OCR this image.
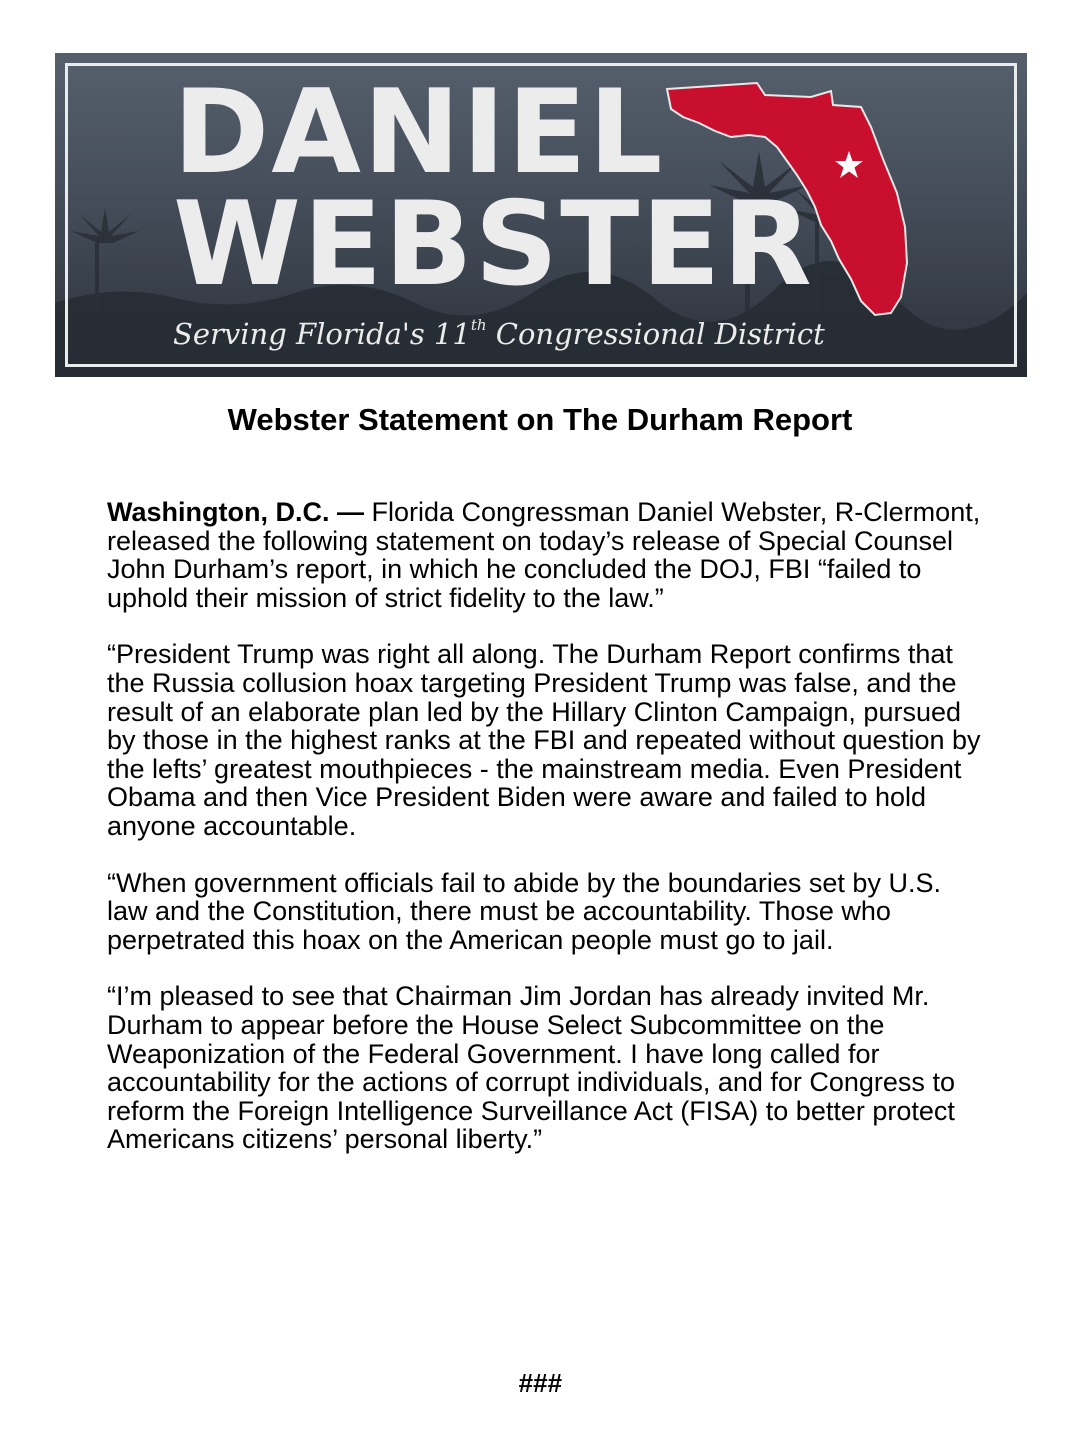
DANIEL
WEBSTER
Serving Florida's 11th Congressional District
Webster Statement on The Durham Report

Washington, D.C. — Florida Congressman Daniel Webster, R-Clermont, released the following statement on today’s release of Special Counsel John Durham’s report, in which he concluded the DOJ, FBI “failed to uphold their mission of strict fidelity to the law.”

“President Trump was right all along. The Durham Report confirms that the Russia collusion hoax targeting President Trump was false, and the result of an elaborate plan led by the Hillary Clinton Campaign, pursued by those in the highest ranks at the FBI and repeated without question by the lefts’ greatest mouthpieces - the mainstream media. Even President Obama and then Vice President Biden were aware and failed to hold anyone accountable.

“When government officials fail to abide by the boundaries set by U.S. law and the Constitution, there must be accountability. Those who perpetrated this hoax on the American people must go to jail.

“I’m pleased to see that Chairman Jim Jordan has already invited Mr. Durham to appear before the House Select Subcommittee on the Weaponization of the Federal Government. I have long called for accountability for the actions of corrupt individuals, and for Congress to reform the Foreign Intelligence Surveillance Act (FISA) to better protect Americans citizens’ personal liberty.”

###
